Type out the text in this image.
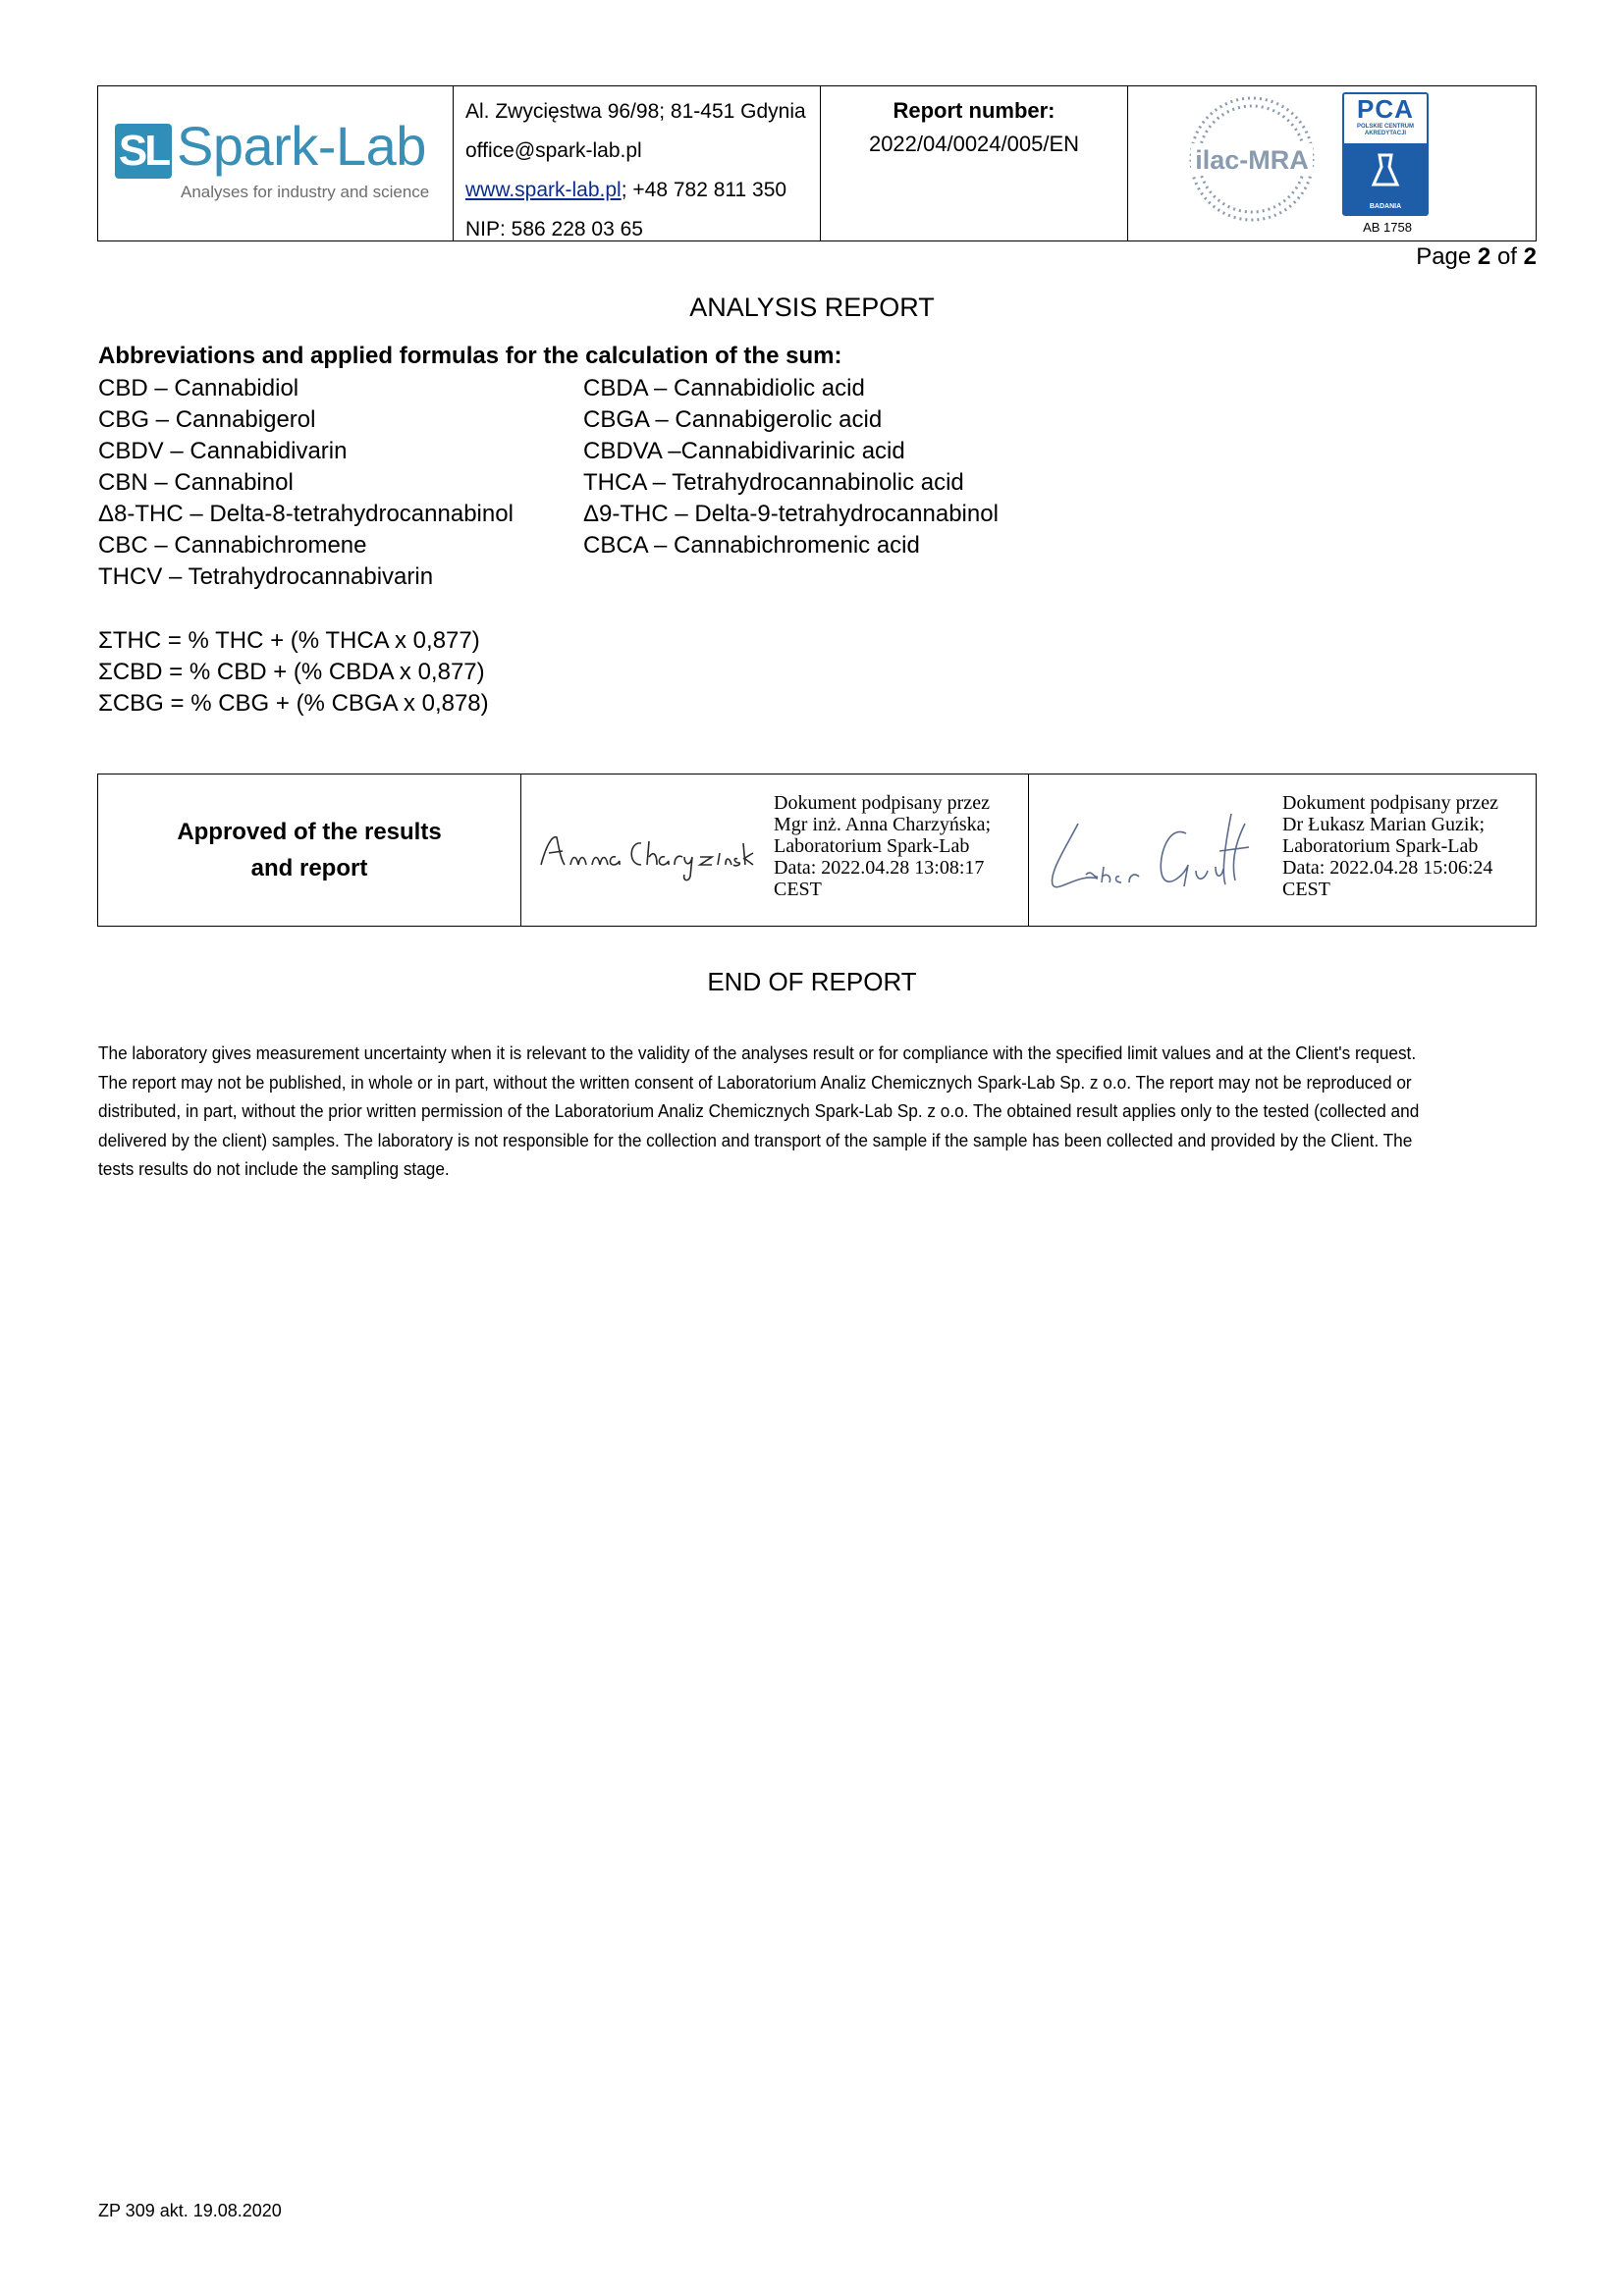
SL Spark-Lab
Analyses for industry and science
Al. Zwycięstwa 96/98; 81-451 Gdynia
office@spark-lab.pl
www.spark-lab.pl; +48 782 811 350
NIP: 586 228 03 65
Report number:
2022/04/0024/005/EN
ilac-MRA
PCA
POLSKIE CENTRUM AKREDYTACJI
BADANIA
AB 1758
Page 2 of 2
ANALYSIS REPORT
Abbreviations and applied formulas for the calculation of the sum:
CBD – Cannabidiol
CBG – Cannabigerol
CBDV – Cannabidivarin
CBN – Cannabinol
Δ8-THC – Delta-8-tetrahydrocannabinol
CBC – Cannabichromene
THCV – Tetrahydrocannabivarin
CBDA – Cannabidiolic acid
CBGA – Cannabigerolic acid
CBDVA –Cannabidivarinic acid
THCA – Tetrahydrocannabinolic acid
Δ9-THC – Delta-9-tetrahydrocannabinol
CBCA – Cannabichromenic acid
ΣTHC = % THC + (% THCA x 0,877)
ΣCBD = % CBD + (% CBDA x 0,877)
ΣCBG = % CBG + (% CBGA x 0,878)
Approved of the results
and report
Dokument podpisany przez
Mgr inż. Anna Charzyńska;
Laboratorium Spark-Lab
Data: 2022.04.28 13:08:17
CEST
Dokument podpisany przez
Dr Łukasz Marian Guzik;
Laboratorium Spark-Lab
Data: 2022.04.28 15:06:24
CEST
END OF REPORT
The laboratory gives measurement uncertainty when it is relevant to the validity of the analyses result or for compliance with the specified limit values and at the Client's request.
The report may not be published, in whole or in part, without the written consent of Laboratorium Analiz Chemicznych Spark-Lab Sp. z o.o. The report may not be reproduced or
distributed, in part, without the prior written permission of the Laboratorium Analiz Chemicznych Spark-Lab Sp. z o.o. The obtained result applies only to the tested (collected and
delivered by the client) samples. The laboratory is not responsible for the collection and transport of the sample if the sample has been collected and provided by the Client. The
tests results do not include the sampling stage.
ZP 309 akt. 19.08.2020
